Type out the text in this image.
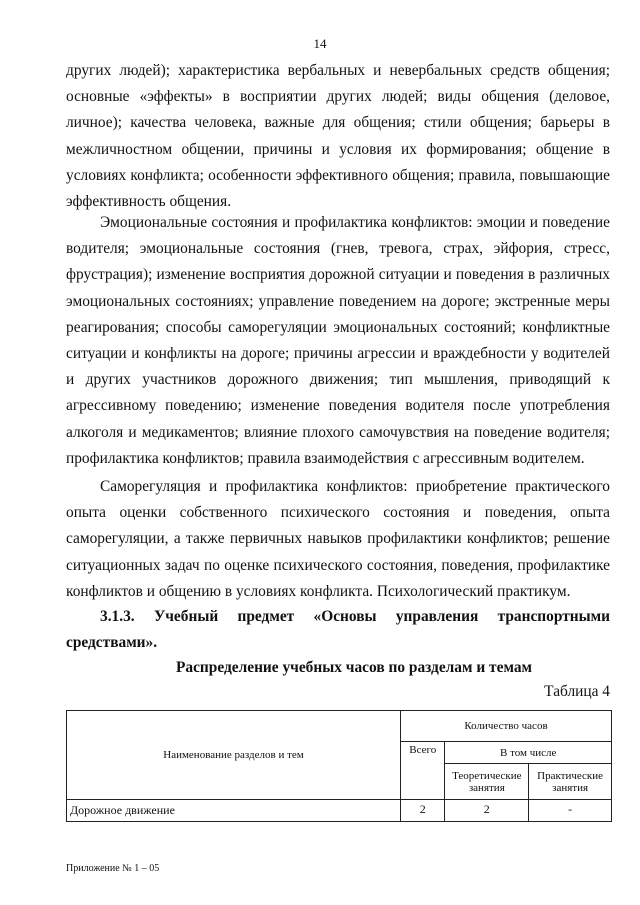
14

других людей); характеристика вербальных и невербальных средств общения; основные «эффекты» в восприятии других людей; виды общения (деловое, личное); качества человека, важные для общения; стили общения; барьеры в межличностном общении, причины и условия их формирования; общение в условиях конфликта; особенности эффективного общения; правила, повышающие эффективность общения.

Эмоциональные состояния и профилактика конфликтов: эмоции и поведение водителя; эмоциональные состояния (гнев, тревога, страх, эйфория, стресс, фрустрация); изменение восприятия дорожной ситуации и поведения в различных эмоциональных состояниях; управление поведением на дороге; экстренные меры реагирования; способы саморегуляции эмоциональных состояний; конфликтные ситуации и конфликты на дороге; причины агрессии и враждебности у водителей и других участников дорожного движения; тип мышления, приводящий к агрессивному поведению; изменение поведения водителя после употребления алкоголя и медикаментов; влияние плохого самочувствия на поведение водителя; профилактика конфликтов; правила взаимодействия с агрессивным водителем.

Саморегуляция и профилактика конфликтов: приобретение практического опыта оценки собственного психического состояния и поведения, опыта саморегуляции, а также первичных навыков профилактики конфликтов; решение ситуационных задач по оценке психического состояния, поведения, профилактике конфликтов и общению в условиях конфликта. Психологический практикум.

3.1.3. Учебный предмет «Основы управления транспортными средствами».

Распределение учебных часов по разделам и темам
Таблица 4
Наименование разделов и тем	Количество часов		
	Всего	В том числе	
		Теоретические занятия	Практические занятия
Дорожное движение	2	2	-
Приложение № 1 – 05
